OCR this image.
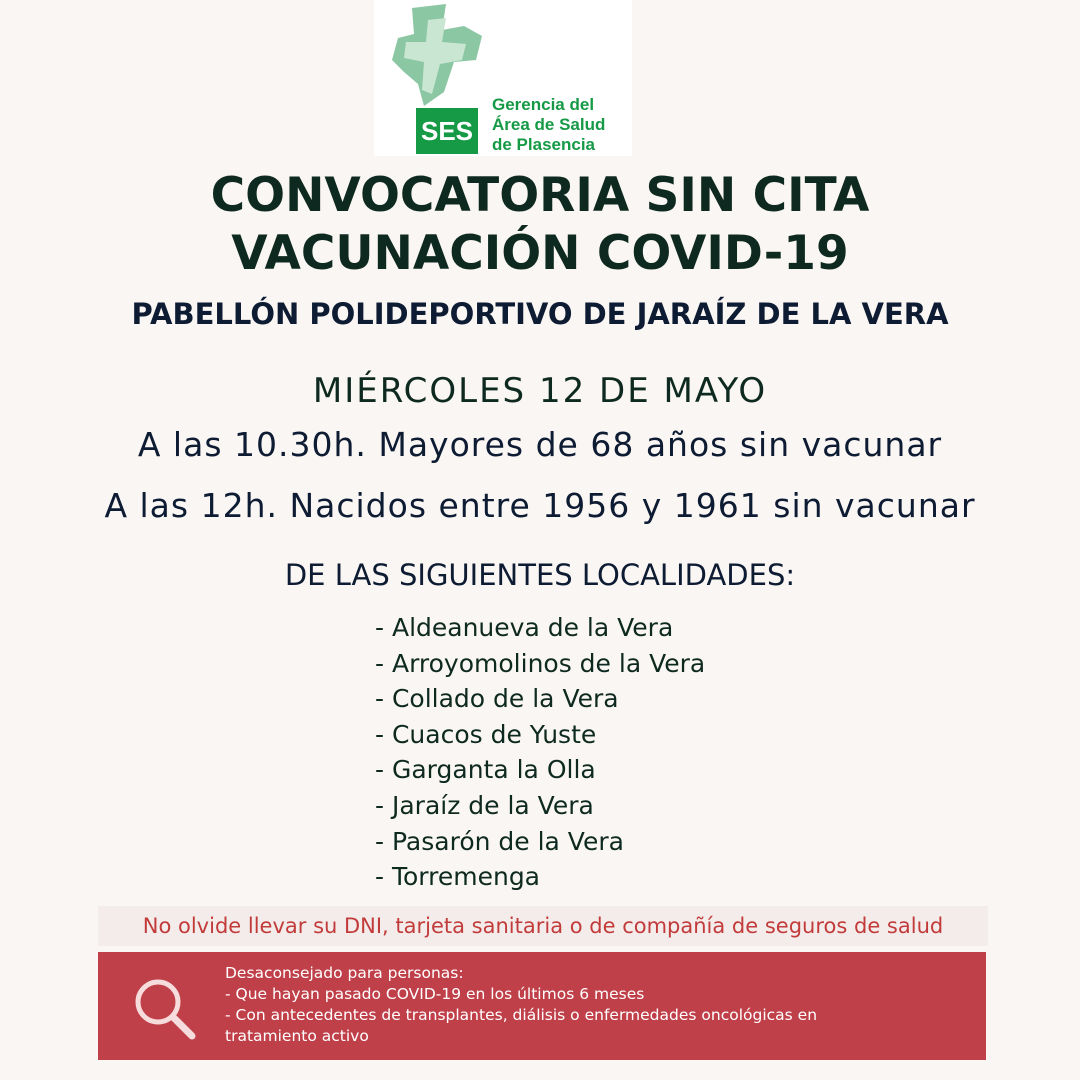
SES
Gerencia del
Área de Salud
de Plasencia
CONVOCATORIA SIN CITA
VACUNACIÓN COVID-19
PABELLÓN POLIDEPORTIVO DE JARAÍZ DE LA VERA
MIÉRCOLES 12 DE MAYO
A las 10.30h. Mayores de 68 años sin vacunar
A las 12h. Nacidos entre 1956 y 1961 sin vacunar
DE LAS SIGUIENTES LOCALIDADES:
- Aldeanueva de la Vera
- Arroyomolinos de la Vera
- Collado de la Vera
- Cuacos de Yuste
- Garganta la Olla
- Jaraíz de la Vera
- Pasarón de la Vera
- Torremenga
No olvide llevar su DNI, tarjeta sanitaria o de compañía de seguros de salud
Desaconsejado para personas:
- Que hayan pasado COVID-19 en los últimos 6 meses
- Con antecedentes de transplantes, diálisis o enfermedades oncológicas en
tratamiento activo
